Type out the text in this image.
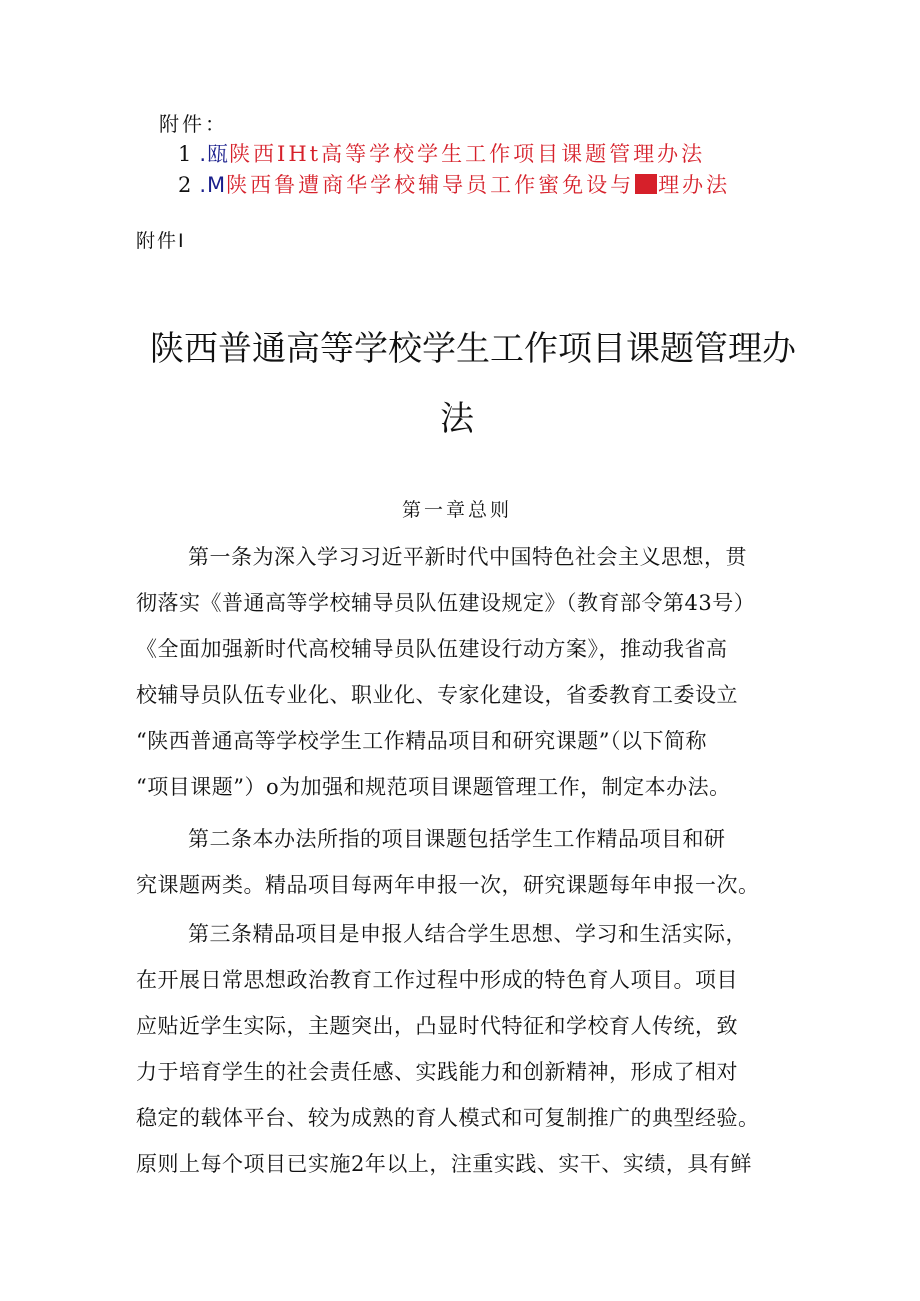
附件：
1.瓯陕西IHt高等学校学生工作项目课题管理办法
2.M陕西鲁遭商华学校辅导员工作蜜免设与 理办法
附件I
陕西普通高等学校学生工作项目课题管理办
法
第一章总则
第一条为深入学习习近平新时代中国特色社会主义思想，贯
彻落实《普通高等学校辅导员队伍建设规定》（教育部令第43号）
《全面加强新时代高校辅导员队伍建设行动方案》，推动我省高
校辅导员队伍专业化、职业化、专家化建设，省委教育工委设立
“陕西普通高等学校学生工作精品项目和研究课题”（以下简称
“项目课题”）o为加强和规范项目课题管理工作，制定本办法。
第二条本办法所指的项目课题包括学生工作精品项目和研
究课题两类。精品项目每两年申报一次，研究课题每年申报一次。
第三条精品项目是申报人结合学生思想、学习和生活实际，
在开展日常思想政治教育工作过程中形成的特色育人项目。项目
应贴近学生实际，主题突出，凸显时代特征和学校育人传统，致
力于培育学生的社会责任感、实践能力和创新精神，形成了相对
稳定的载体平台、较为成熟的育人模式和可复制推广的典型经验。
原则上每个项目已实施2年以上，注重实践、实干、实绩，具有鲜
